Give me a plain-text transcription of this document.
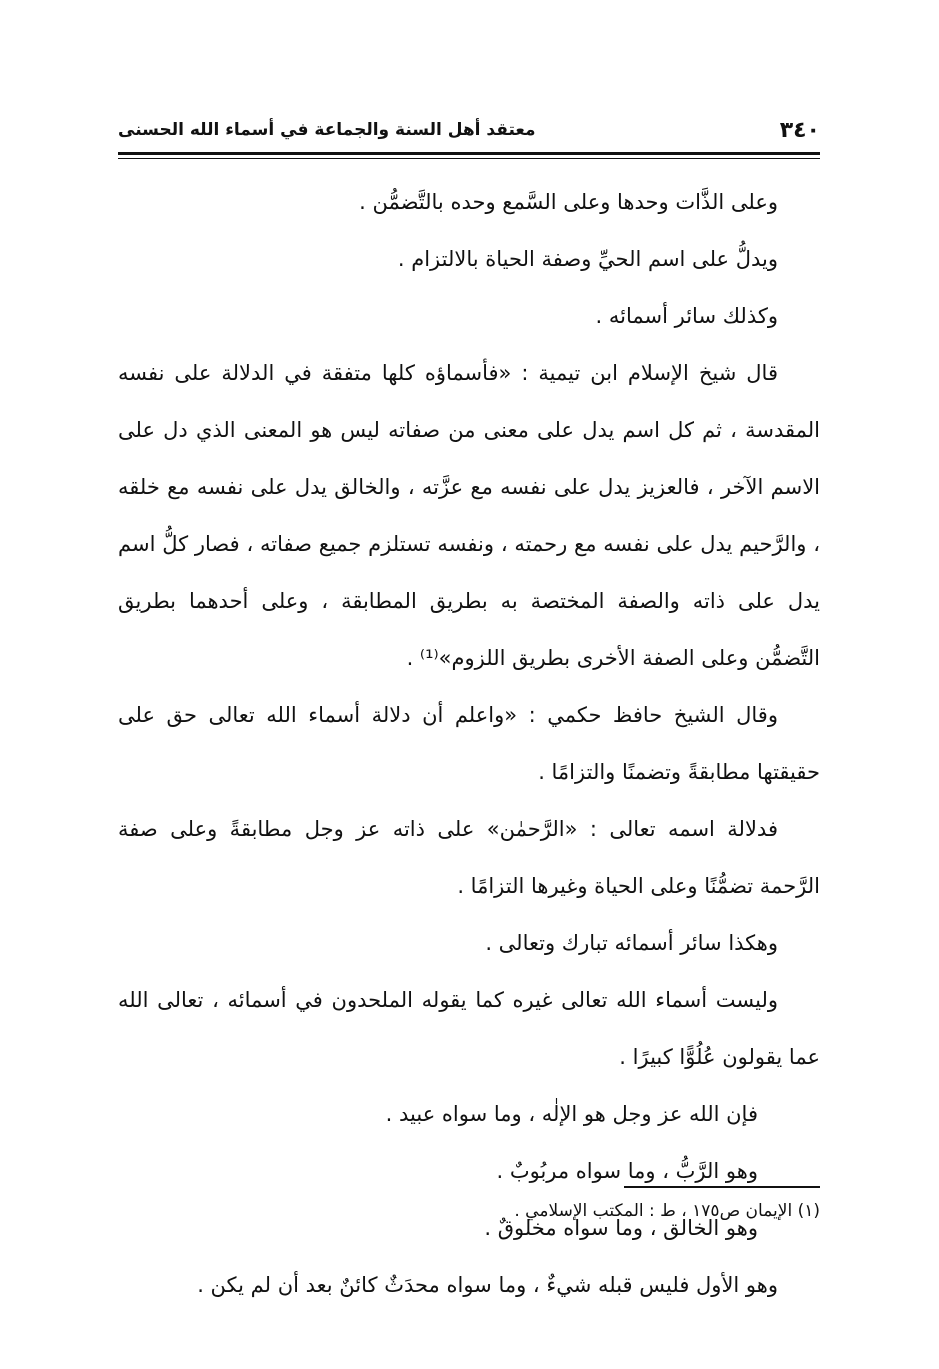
٣٤٠
معتقد أهل السنة والجماعة في أسماء الله الحسنى

وعلى الذَّات وحدها وعلى السَّمع وحده بالتَّضمُّن .

ويدلُّ على اسم الحيِّ وصفة الحياة بالالتزام .

وكذلك سائر أسمائه .

قال شيخ الإسلام ابن تيمية : «فأسماؤه كلها متفقة في الدلالة على نفسه المقدسة ، ثم كل اسم يدل على معنى من صفاته ليس هو المعنى الذي دل على الاسم الآخر ، فالعزيز يدل على نفسه مع عزَّته ، والخالق يدل على نفسه مع خلقه ، والرَّحيم يدل على نفسه مع رحمته ، ونفسه تستلزم جميع صفاته ، فصار كلُّ اسم يدل على ذاته والصفة المختصة به بطريق المطابقة ، وعلى أحدهما بطريق التَّضمُّن وعلى الصفة الأخرى بطريق اللزوم»⁽¹⁾ .

وقال الشيخ حافظ حكمي : «واعلم أن دلالة أسماء الله تعالى حق على حقيقتها مطابقةً وتضمنًا والتزامًا .

فدلالة اسمه تعالى : «الرَّحمٰن» على ذاته عز وجل مطابقةً وعلى صفة الرَّحمة تضمُّنًا وعلى الحياة وغيرها التزامًا .

وهكذا سائر أسمائه تبارك وتعالى .

وليست أسماء الله تعالى غيره كما يقوله الملحدون في أسمائه ، تعالى الله عما يقولون عُلُوًّا كبيرًا .

فإن الله عز وجل هو الإلٰه ، وما سواه عبيد .

وهو الرَّبُّ ، وما سواه مربُوبٌ .

وهو الخالق ، وما سواه مخلوقٌ .

وهو الأول فليس قبله شيءٌ ، وما سواه محدَثٌ كائنٌ بعد أن لم يكن .

(١) الإيمان ص١٧٥ ، ط : المكتب الإسلامي .
